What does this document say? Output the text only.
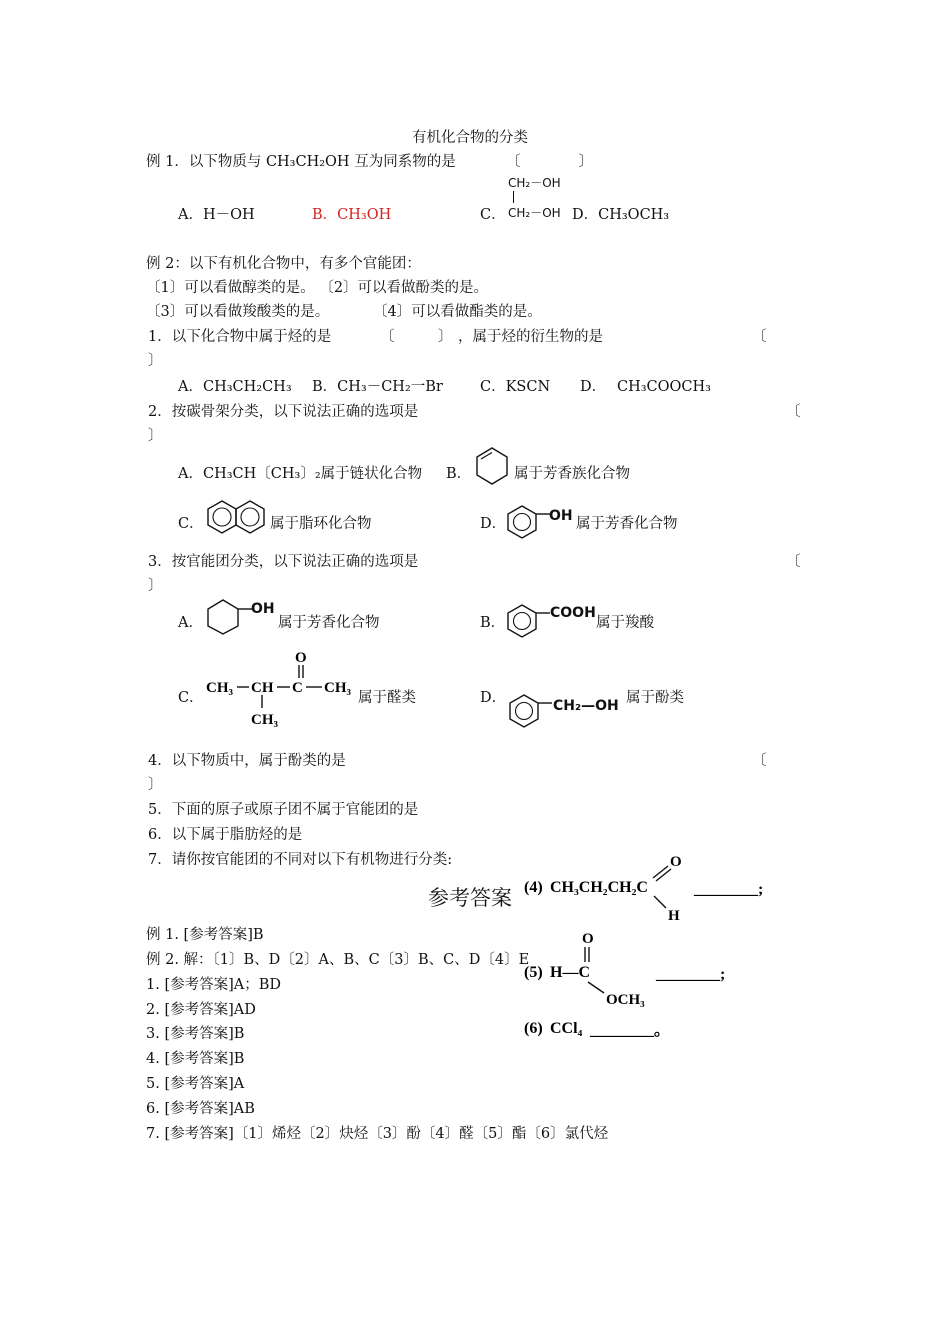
有机化合物的分类
例 1．以下物质与 CH₃CH₂OH 互为同系物的是	〔　　　　〕
A．H－OH	B．CH₃OH	C．
CH₂－OH
CH₂－OH D．CH₃OCH₃
例 2：以下有机化合物中，有多个官能团：
〔1〕可以看做醇类的是。 〔2〕可以看做酚类的是。
〔3〕可以看做羧酸类的是。	〔4〕可以看做酯类的是。
1．以下化合物中属于烃的是	〔　　　〕 ，属于烃的衍生物的是	〔
〕
A．CH₃CH₂CH₃ B．CH₃－CH₂一Br	C．KSCN D． CH₃COOCH₃
2．按碳骨架分类，以下说法正确的选项是	〔
〕
A．CH₃CH〔CH₃〕₂属于链状化合物 B．	属于芳香族化合物
C．	属于脂环化合物	D．	OH 属于芳香化合物
3．按官能团分类，以下说法正确的选项是	〔
〕
A．
OH
属于芳香化合物	B．
COOH
属于羧酸
C．
CH₃ CH C
O
CH₃
CH₃
属于醛类	D．	CH₂—OH 属于酚类
4．以下物质中，属于酚类的是	〔
〕
5．下面的原子或原子团不属于官能团的是
6．以下属于脂肪烃的是
7．请你按官能团的不同对以下有机物进行分类:
参考答案 (4) CH₃CH₂CH₂C
O
H
________;
(5) H—C
O
OCH₃
________;
(6) CCl₄ ________。
例 1. [参考答案]B
例 2. 解：〔1〕B、D〔2〕A、B、C〔3〕B、C、D〔4〕E
1. [参考答案]A；BD
2. [参考答案]AD
3. [参考答案]B
4. [参考答案]B
5. [参考答案]A
6. [参考答案]AB
7. [参考答案]〔1〕烯烃〔2〕炔烃〔3〕酚〔4〕醛〔5〕酯〔6〕氯代烃
